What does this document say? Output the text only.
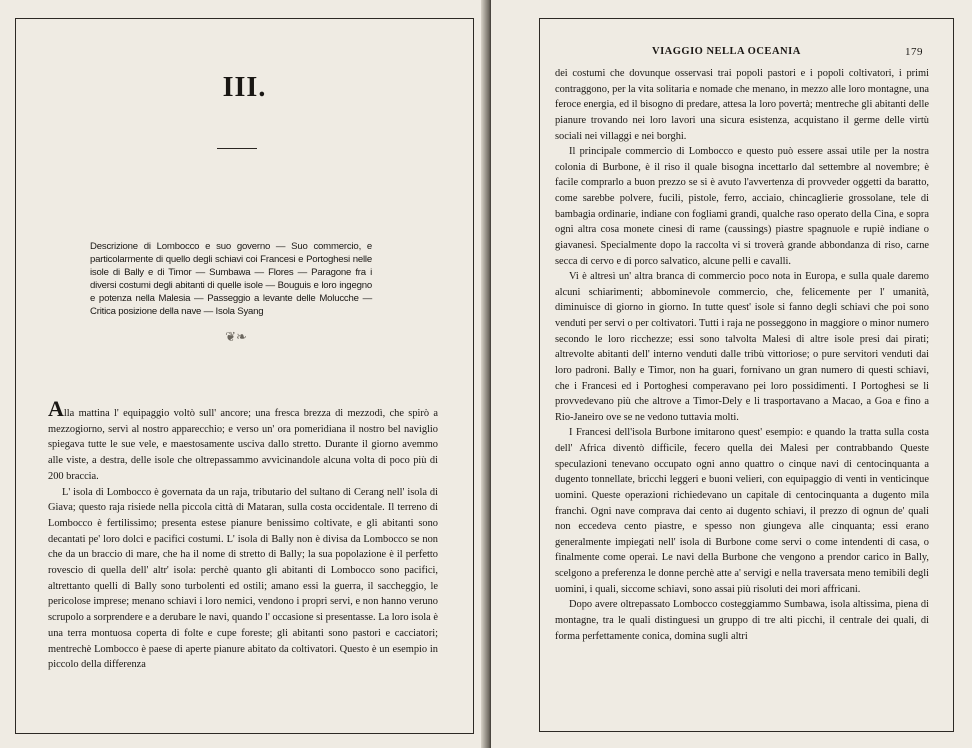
III.
Descrizione di Lombocco e suo governo — Suo commercio, e particolarmente di quello degli schiavi coi Francesi e Portoghesi nelle isole di Bally e di Timor — Sumbawa — Flores — Paragone fra i diversi costumi degli abitanti di quelle isole — Bouguis e loro ingegno e potenza nella Malesia — Passeggio a levante delle Molucche — Critica posizione della nave — Isola Syang
❦❧

Alla mattina l' equipaggio voltò sull' ancore; una fresca brezza di mezzodì, che spirò a mezzogiorno, servì al nostro apparecchio; e verso un' ora pomeridiana il nostro bel naviglio spiegava tutte le sue vele, e maestosamente usciva dallo stretto. Durante il giorno avemmo alle viste, a destra, delle isole che oltrepassammo avvicinandole alcuna volta di poco più di 200 braccia.

L' isola di Lombocco è governata da un raja, tributario del sultano di Cerang nell' isola di Giava; questo raja risiede nella piccola città di Mataran, sulla costa occidentale. Il terreno di Lombocco è fertilissimo; presenta estese pianure benissimo coltivate, e gli abitanti sono decantati pe' loro dolci e pacifici costumi. L' isola di Bally non è divisa da Lombocco se non che da un braccio di mare, che ha il nome di stretto di Bally; la sua popolazione è il perfetto rovescio di quella dell' altr' isola: perchè quanto gli abitanti di Lombocco sono pacifici, altrettanto quelli di Bally sono turbolenti ed ostili; amano essi la guerra, il saccheggio, le pericolose imprese; menano schiavi i loro nemici, vendono i propri servi, e non hanno veruno scrupolo a sorprendere e a derubare le navi, quando l' occasione si presentasse. La loro isola è una terra montuosa coperta di folte e cupe foreste; gli abitanti sono pastori e cacciatori; mentrechè Lombocco è paese di aperte pianure abitato da coltivatori. Questo è un esempio in piccolo della differenza

VIAGGIO NELLA OCEANIA	179

dei costumi che dovunque osservasi trai popoli pastori e i popoli coltivatori, i primi contraggono, per la vita solitaria e nomade che menano, in mezzo alle loro montagne, una feroce energia, ed il bisogno di predare, attesa la loro povertà; mentreche gli abitanti delle pianure trovando nei loro lavori una sicura esistenza, acquistano il germe delle virtù sociali nei villaggi e nei borghi.

Il principale commercio di Lombocco e questo può essere assai utile per la nostra colonia di Burbone, è il riso il quale bisogna incettarlo dal settembre al novembre; è facile comprarlo a buon prezzo se si è avuto l'avvertenza di provveder oggetti da baratto, come sarebbe polvere, fucili, pistole, ferro, acciaio, chincaglierie grossolane, tele di bambagia ordinarie, indiane con fogliami grandi, qualche raso operato della Cina, e sopra ogni altra cosa monete cinesi di rame (caussings) piastre spagnuole e rupiè indiane o giavanesi. Specialmente dopo la raccolta vi si troverà grande abbondanza di riso, carne secca di cervo e di porco salvatico, alcune pelli e cavalli.

Vi è altresì un' altra branca di commercio poco nota in Europa, e sulla quale daremo alcuni schiarimenti; abbominevole commercio, che, felicemente per l' umanità, diminuisce di giorno in giorno. In tutte quest' isole si fanno degli schiavi che poi sono venduti per servi o per coltivatori. Tutti i raja ne posseggono in maggiore o minor numero secondo le loro ricchezze; essi sono talvolta Malesi di altre isole presi dai pirati; altrevolte abitanti dell' interno venduti dalle tribù vittoriose; o pure servitori venduti dai loro padroni. Bally e Timor, non ha guari, fornivano un gran numero di questi schiavi, che i Francesi ed i Portoghesi comperavano pei loro possidimenti. I Portoghesi se li provvedevano più che altrove a Timor-Dely e li trasportavano a Macao, a Goa e fino a Rio-Janeiro ove se ne vedono tuttavia molti.

I Francesi dell'isola Burbone imitarono quest' esempio: e quando la tratta sulla costa dell' Africa diventò difficile, fecero quella dei Malesi per contrabbando Queste speculazioni tenevano occupato ogni anno quattro o cinque navi di centocinquanta a dugento tonnellate, bricchi leggeri e buoni velieri, con equipaggio di venti in venticinque uomini. Queste operazioni richiedevano un capitale di centocinquanta a dugento mila franchi. Ogni nave comprava dai cento ai dugento schiavi, il prezzo di ognun de' quali non eccedeva cento piastre, e spesso non giungeva alle cinquanta; essi erano generalmente impiegati nell' isola di Burbone come servi o come intendenti di casa, o finalmente come operai. Le navi della Burbone che vengono a prendor carico in Bally, scelgono a preferenza le donne perchè atte a' servigi e nella traversata meno temibili degli uomini, i quali, siccome schiavi, sono assai più risoluti dei mori affricani.

Dopo avere oltrepassato Lombocco costeggiammo Sumbawa, isola altissima, piena di montagne, tra le quali distinguesi un gruppo di tre alti picchi, il centrale dei quali, di forma perfettamente conica, domina sugli altri
